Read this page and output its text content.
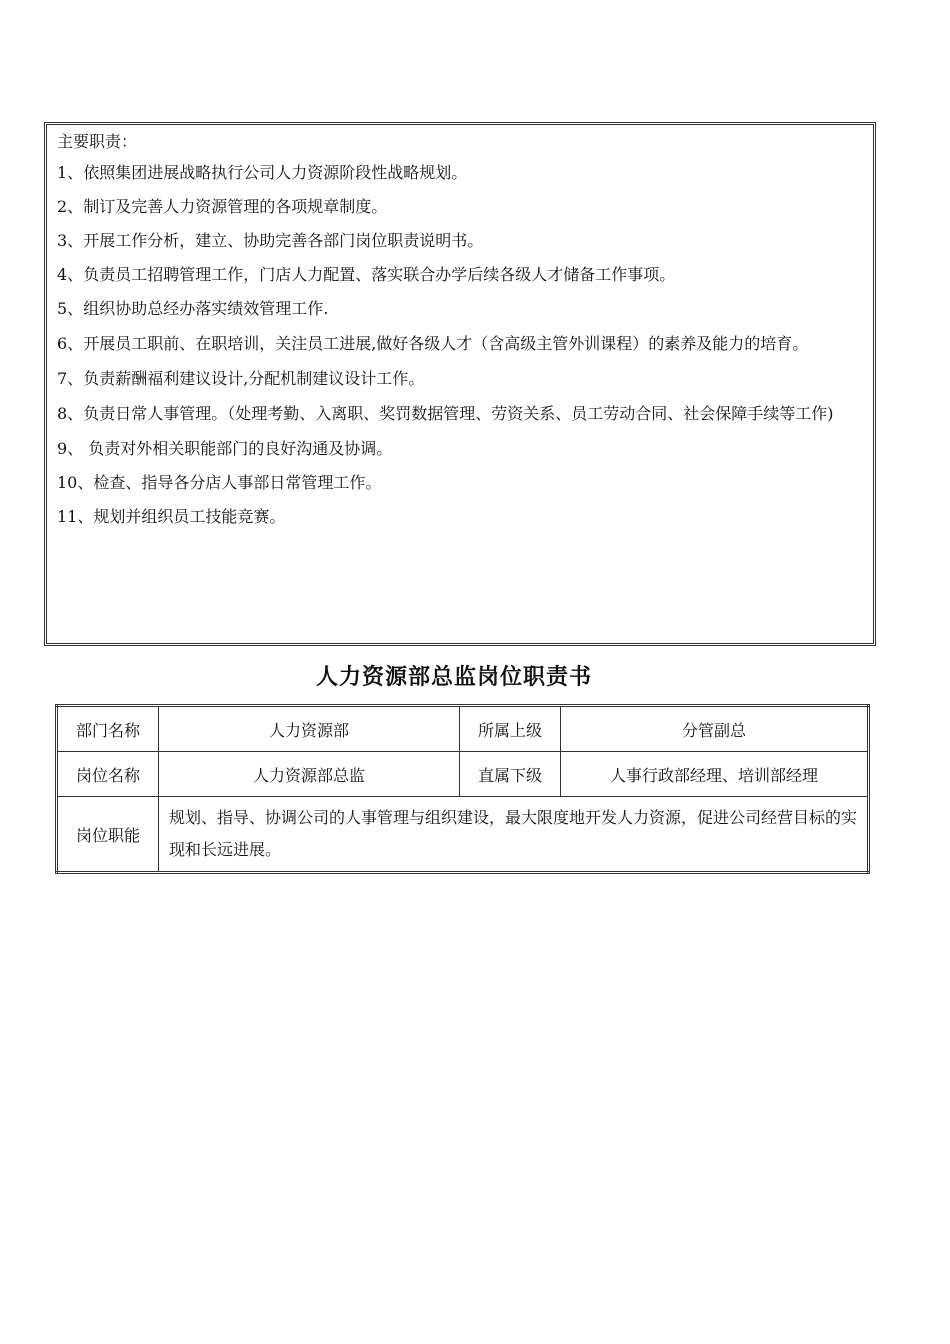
主要职责：
1、 依照集团进展战略执行公司人力资源阶段性战略规划。
2、 制订及完善人力资源管理的各项规章制度。
3、 开展工作分析，建立、协助完善各部门岗位职责说明书。
4、 负责员工招聘管理工作，门店人力配置、落实联合办学后续各级人才储备工作事项。
5、 组织协助总经办落实绩效管理工作.
6、 开展员工职前、在职培训，关注员工进展,做好各级人才（含高级主管外训课程）的素养及能力的培育。
7、 负责薪酬福利建议设计,分配机制建议设计工作。
8、 负责日常人事管理。（处理考勤、入离职、奖罚数据管理、劳资关系、员工劳动合同、社会保障手续等工作)
9、 负责对外相关职能部门的良好沟通及协调。
10、 检查、指导各分店人事部日常管理工作。
11、 规划并组织员工技能竞赛。
人力资源部总监岗位职责书
部门名称	人力资源部	所属上级	分管副总
岗位名称	人力资源部总监	直属下级	人事行政部经理、培训部经理
岗位职能	规划、指导、协调公司的人事管理与组织建设，最大限度地开发人力资源，促进公司经营目标的实现和长远进展。		
